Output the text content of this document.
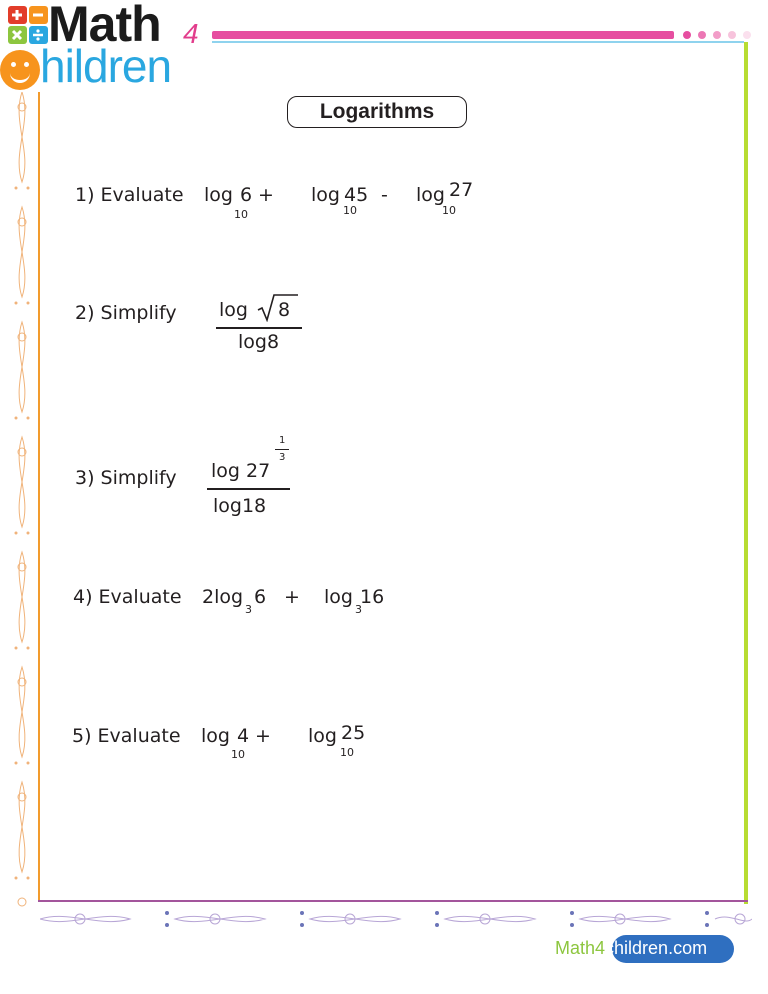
Math 4
hildren
Logarithms
1) Evaluate log 6
10
+ log 45
10
- log 27
10
2) Simplify log 8
log8
3) Simplify log 27
1
3
log18
4) Evaluate 2log
3
6 + log
3
16
5) Evaluate log 4
10
+ log 25
10
Math4children.com
